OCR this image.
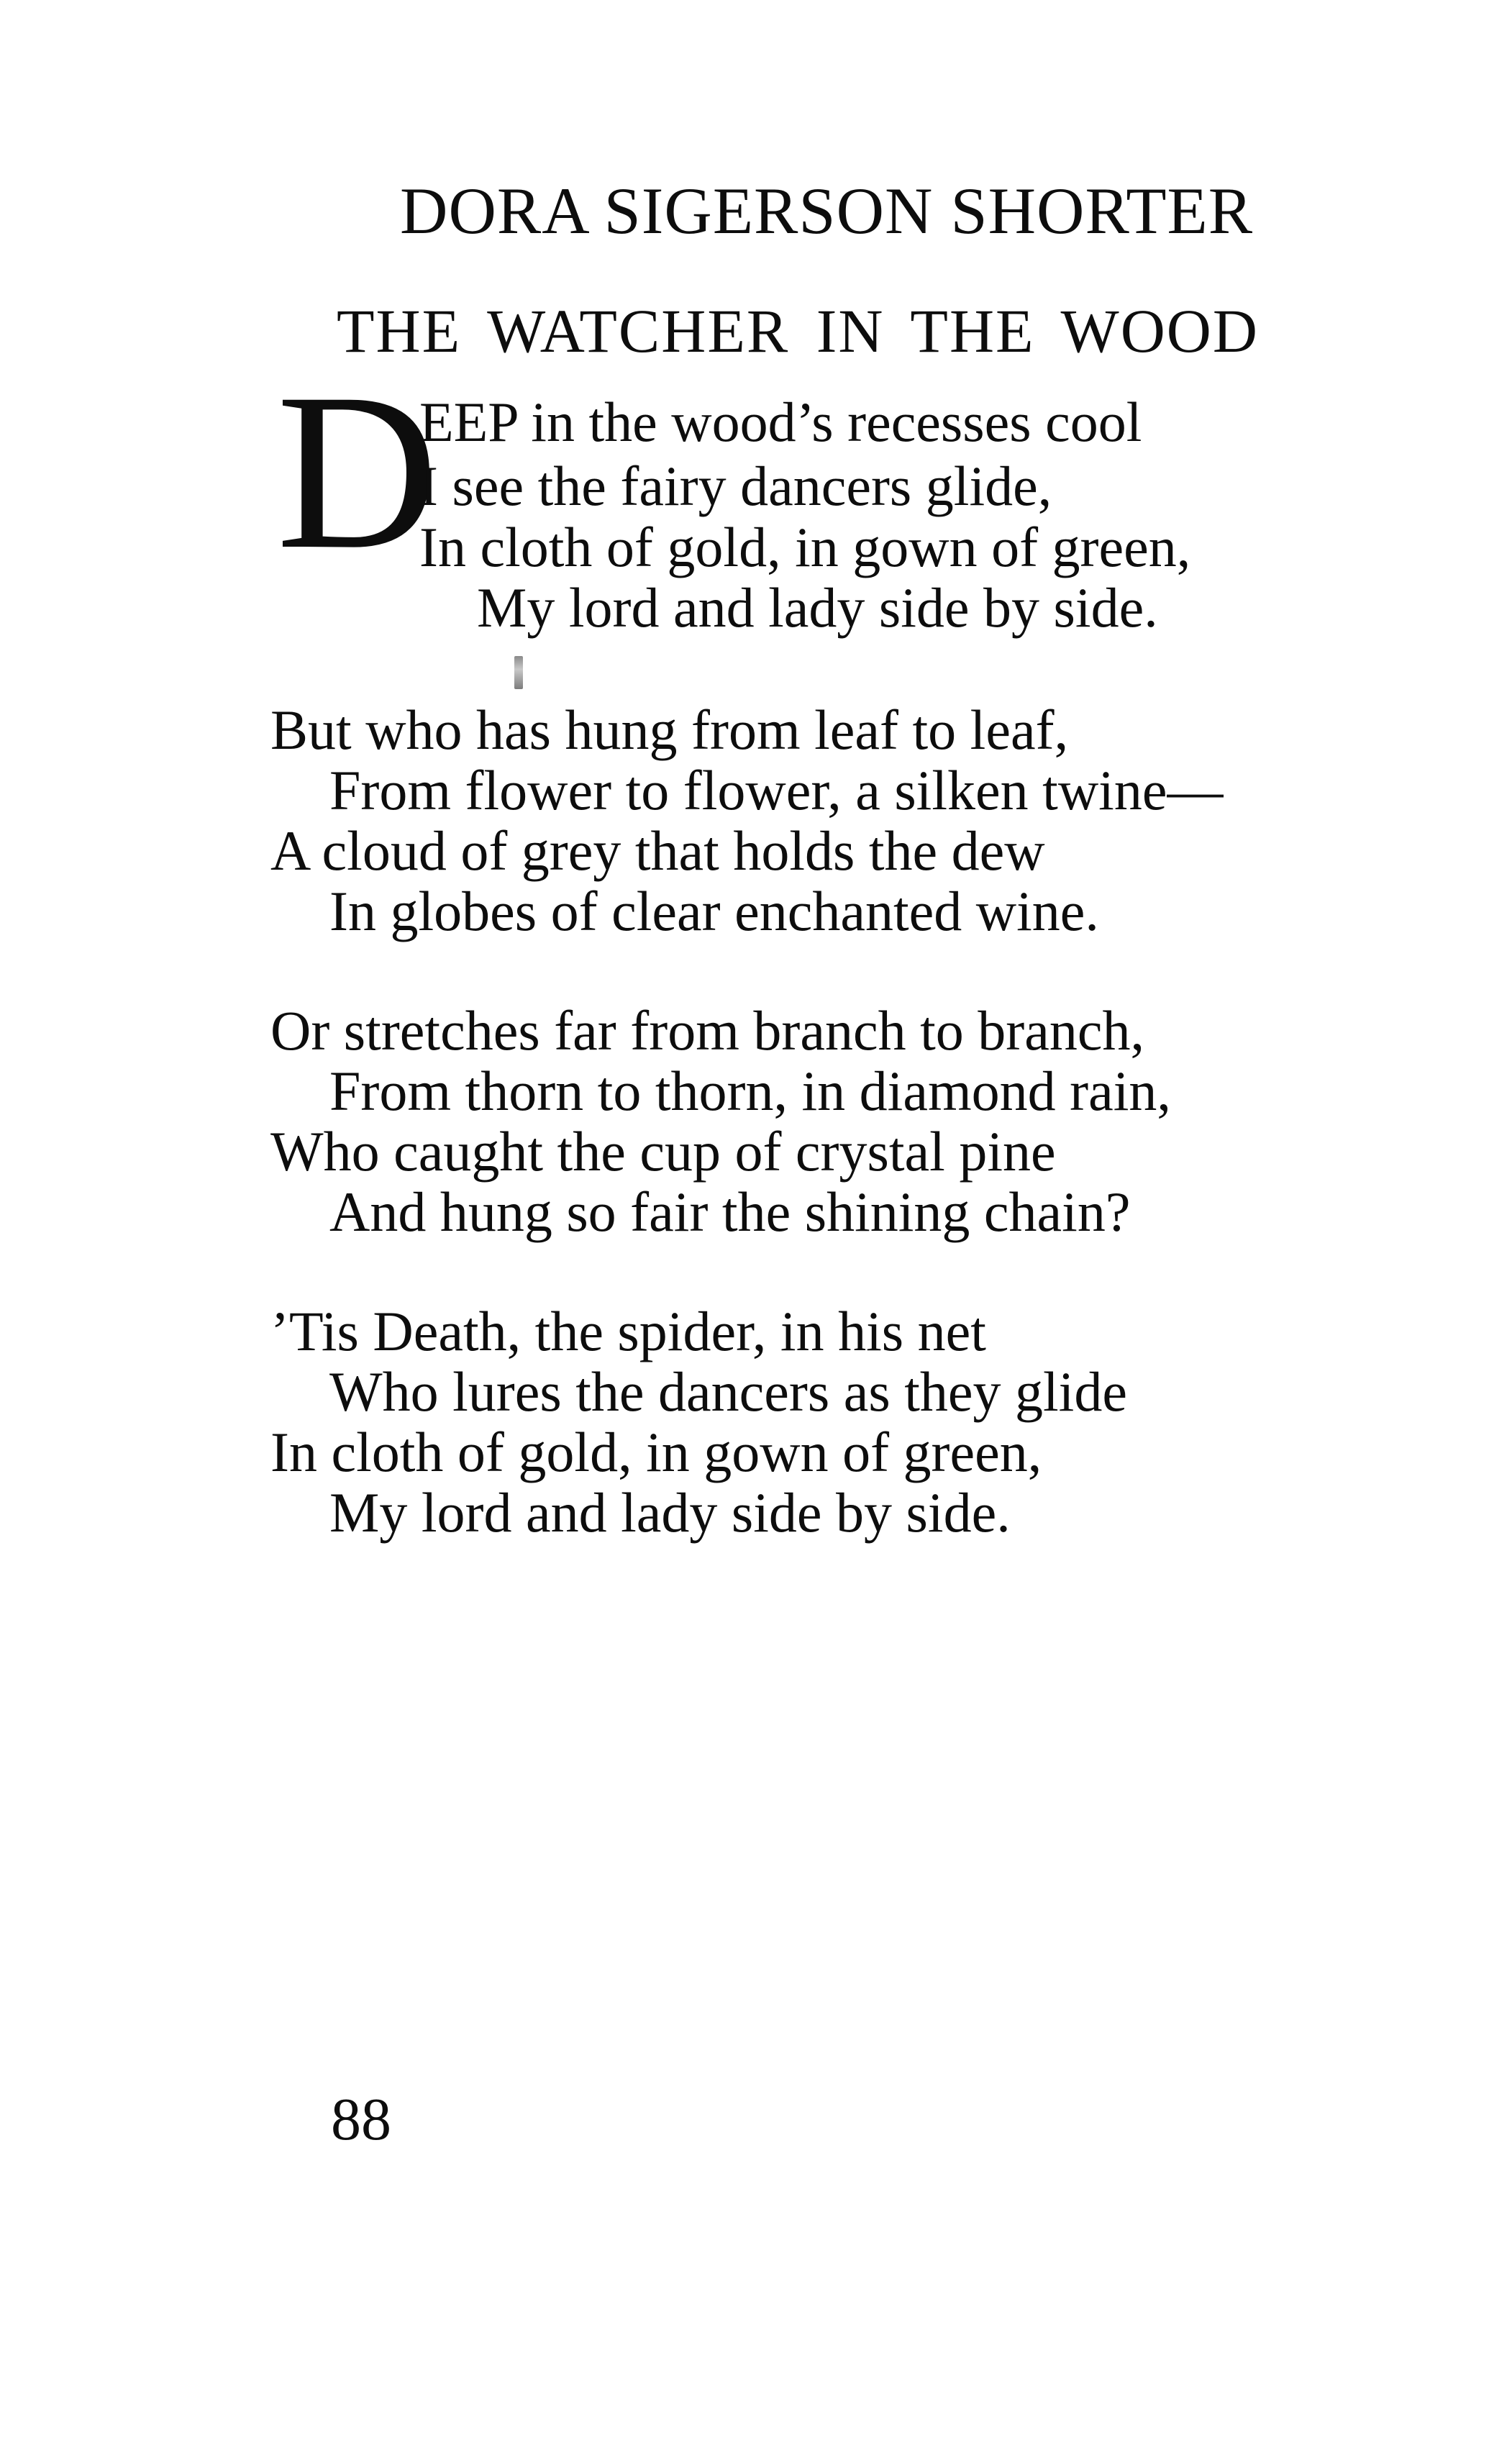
DORA SIGERSON SHORTER
THE WATCHER IN THE WOOD
D
EEP in the wood’s recesses cool
I see the fairy dancers glide,
In cloth of gold, in gown of green,
My lord and lady side by side.
But who has hung from leaf to leaf,
From flower to flower, a silken twine—
A cloud of grey that holds the dew
In globes of clear enchanted wine.
Or stretches far from branch to branch,
From thorn to thorn, in diamond rain,
Who caught the cup of crystal pine
And hung so fair the shining chain?
’Tis Death, the spider, in his net
Who lures the dancers as they glide
In cloth of gold, in gown of green,
My lord and lady side by side.
88
